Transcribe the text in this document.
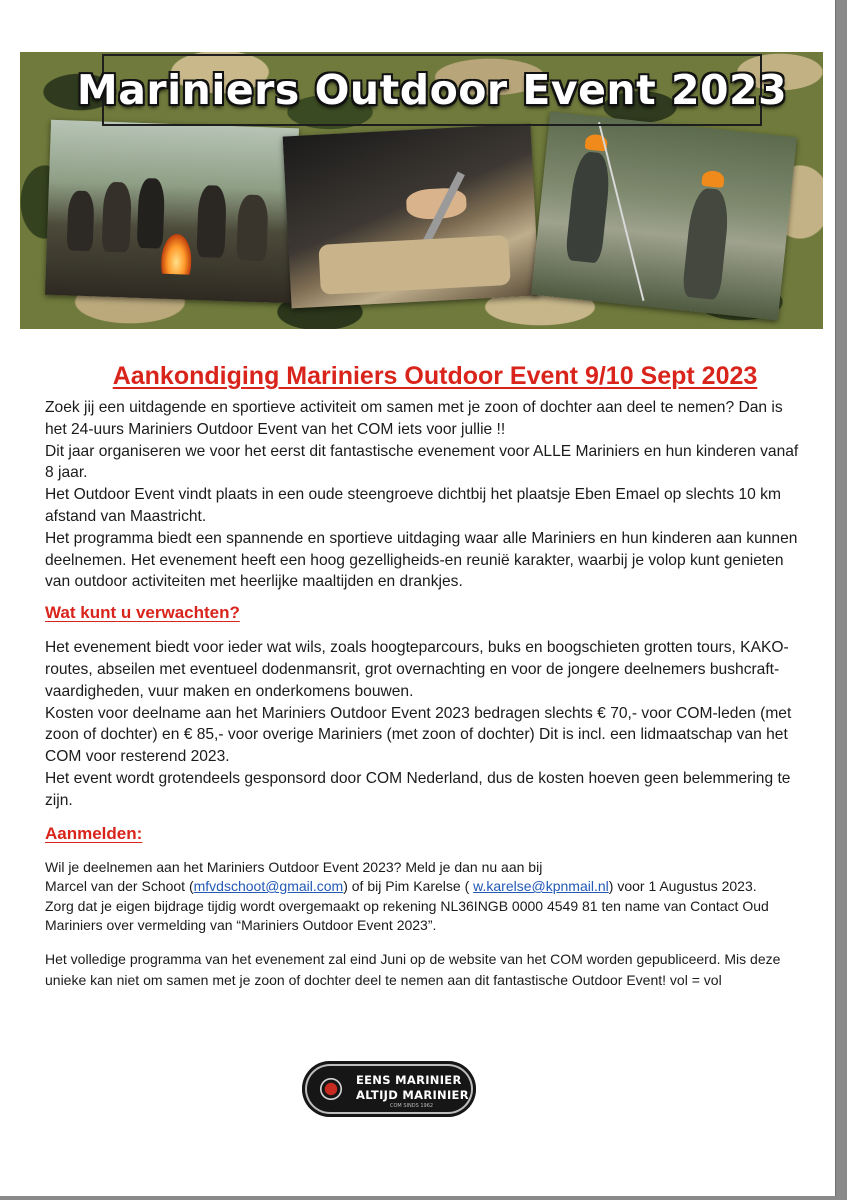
Mariniers Outdoor Event 2023
Aankondiging Mariniers Outdoor Event 9/10 Sept 2023

Zoek jij een uitdagende en sportieve activiteit om samen met je zoon of dochter aan deel te nemen? Dan is het 24-uurs Mariniers Outdoor Event van het COM iets voor jullie !!

Dit jaar organiseren we voor het eerst dit fantastische evenement voor ALLE Mariniers en hun kinderen vanaf 8 jaar.

Het Outdoor Event vindt plaats in een oude steengroeve dichtbij het plaatsje Eben Emael op slechts 10 km afstand van Maastricht.

Het programma biedt een spannende en sportieve uitdaging waar alle Mariniers en hun kinderen aan kunnen deelnemen. Het evenement heeft een hoog gezelligheids-en reunië karakter, waarbij je volop kunt genieten van outdoor activiteiten met heerlijke maaltijden en drankjes.

Wat kunt u verwachten?

Het evenement biedt voor ieder wat wils, zoals hoogteparcours, buks en boogschieten grotten tours, KAKO-routes, abseilen met eventueel dodenmansrit, grot overnachting en voor de jongere deelnemers bushcraft-vaardigheden, vuur maken en onderkomens bouwen.

Kosten voor deelname aan het Mariniers Outdoor Event 2023 bedragen slechts € 70,- voor COM-leden (met zoon of dochter) en € 85,- voor overige Mariniers (met zoon of dochter) Dit is incl. een lidmaatschap van het COM voor resterend 2023.

Het event wordt grotendeels gesponsord door COM Nederland, dus de kosten hoeven geen belemmering te zijn.

Aanmelden:

Wil je deelnemen aan het Mariniers Outdoor Event 2023? Meld je dan nu aan bij

Marcel van der Schoot (mfvdschoot@gmail.com) of bij Pim Karelse ( w.karelse@kpnmail.nl) voor 1 Augustus 2023.

Zorg dat je eigen bijdrage tijdig wordt overgemaakt op rekening NL36INGB 0000 4549 81 ten name van Contact Oud Mariniers over vermelding van “Mariniers Outdoor Event 2023”.

Het volledige programma van het evenement zal eind Juni op de website van het COM worden gepubliceerd. Mis deze unieke kan niet om samen met je zoon of dochter deel te nemen aan dit fantastische Outdoor Event! vol = vol

EENS MARINIER
ALTIJD MARINIER
COM SINDS 1962
